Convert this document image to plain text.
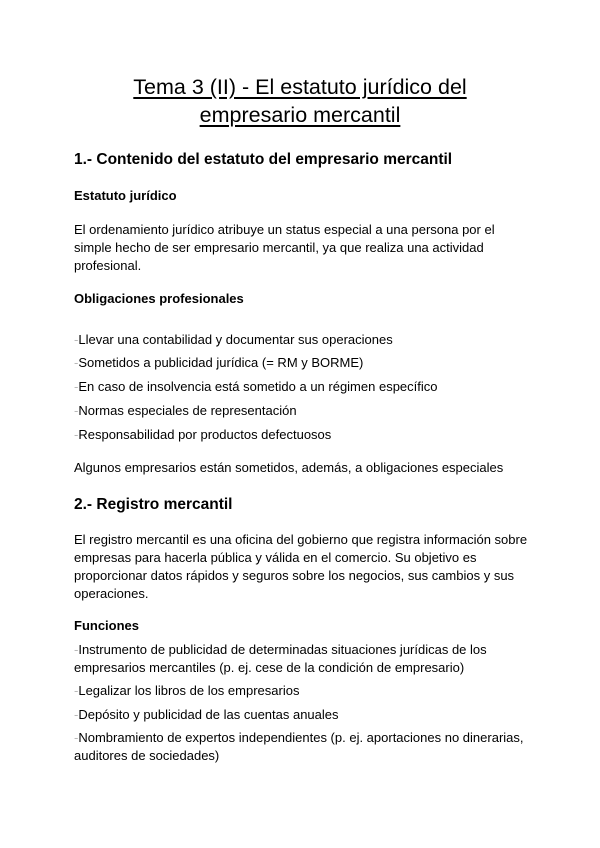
Tema 3 (II) - El estatuto jurídico del
empresario mercantil
1.- Contenido del estatuto del empresario mercantil
Estatuto jurídico
El ordenamiento jurídico atribuye un status especial a una persona por el simple hecho de ser empresario mercantil, ya que realiza una actividad profesional.
Obligaciones profesionales
-Llevar una contabilidad y documentar sus operaciones
-Sometidos a publicidad jurídica (= RM y BORME)
-En caso de insolvencia está sometido a un régimen específico
-Normas especiales de representación
-Responsabilidad por productos defectuosos
Algunos empresarios están sometidos, además, a obligaciones especiales
2.- Registro mercantil
El registro mercantil es una oficina del gobierno que registra información sobre empresas para hacerla pública y válida en el comercio. Su objetivo es proporcionar datos rápidos y seguros sobre los negocios, sus cambios y sus operaciones.
Funciones
-Instrumento de publicidad de determinadas situaciones jurídicas de los empresarios mercantiles (p. ej. cese de la condición de empresario)
-Legalizar los libros de los empresarios
-Depósito y publicidad de las cuentas anuales
-Nombramiento de expertos independientes (p. ej. aportaciones no dinerarias, auditores de sociedades)
